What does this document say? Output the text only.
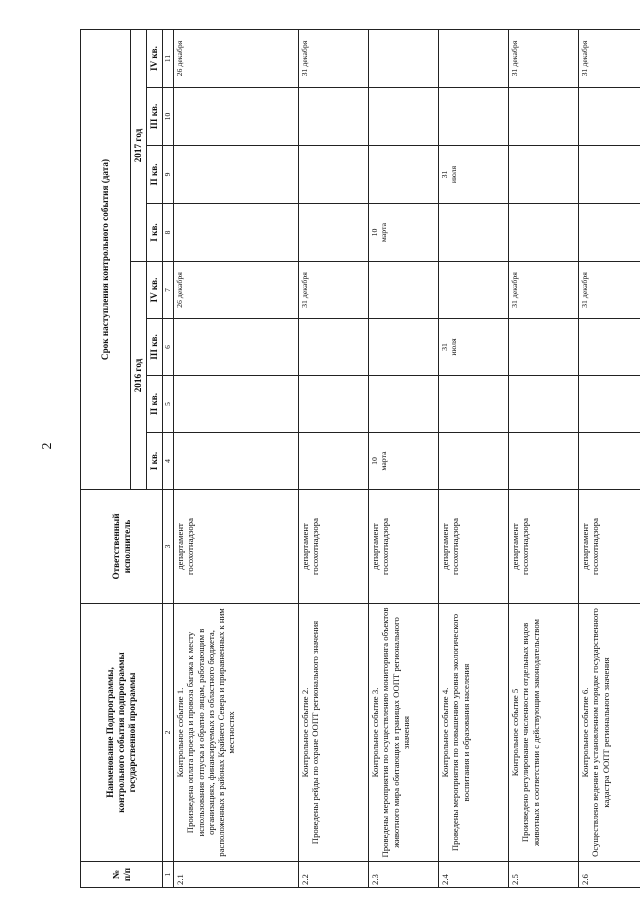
2
№
п/п	Наименование Подпрограммы,
контрольного события подпрограммы
государственной программы	Ответственный
исполнитель	Срок наступления контрольного события (дата)							
			2016 год				2017 год			
			I кв.	II кв.	III кв.	IV кв.	I кв.	II кв.	III кв.	IV кв.
1	2	3	4	5	6	7	8	9	10	11
2.1	Контрольное событие 1.
Произведена оплата проезда и провоза багажа к месту использования отпуска и обратно лицам, работающим в организациях, финансируемых из областного бюджета, расположенных в районах Крайнего Севера и приравненных к ним местностях	департамент
госохотнадзора				26 декабря				26 декабря

2.2	Контрольное событие 2.
Проведены рейды по охране ООПТ регионального значения	департамент
госохотнадзора				31 декабря				31 декабря

2.3	Контрольное событие 3.
Проведены мероприятия по осуществлению мониторинга объектов животного мира обитающих в границах ООПТ регионального значения	департамент
госохотнадзора	10 марта				10 марта			

2.4	Контрольное событие 4.
Проведены мероприятия по повышению уровня экологического воспитания и образования населения	департамент
госохотнадзора			31 июля			31 июля		

2.5	Контрольное событие 5
Произведено регулирование численности отдельных видов животных в соответствии с действующим законодательством	департамент
госохотнадзора				31 декабря				31 декабря

2.6	Контрольное событие 6.
Осуществлено ведение в установленном порядке государственного кадастра ООПТ регионального значения	департамент
госохотнадзора				31 декабря				31 декабря
